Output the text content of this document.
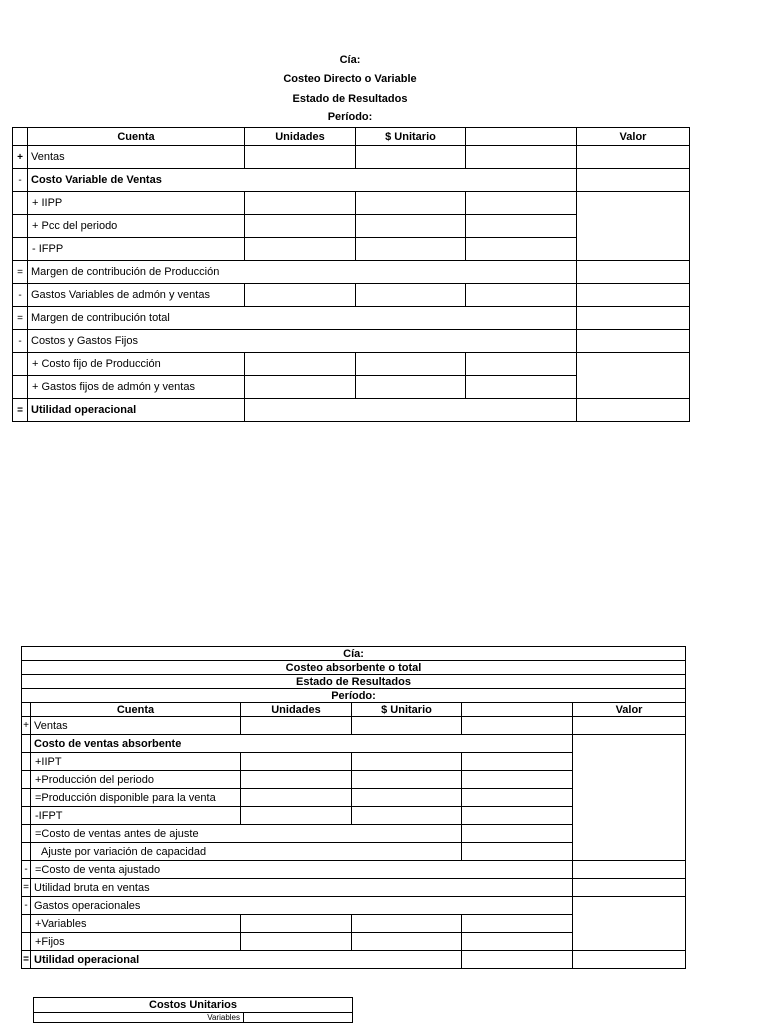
Cía:
Costeo Directo o Variable
Estado de Resultados
Período:
	Cuenta	Unidades	$ Unitario		Valor
+	Ventas				
-	Costo Variable de Ventas				
	+ IIPP				
	+ Pcc del periodo				
	- IFPP				
=	Margen de contribución de Producción				
-	Gastos Variables de admón y ventas				
=	Margen de contribución total				
-	Costos y Gastos Fijos				
	+ Costo fijo de Producción				
	+ Gastos fijos de admón y ventas				
=	Utilidad operacional				
Cía:					
Costeo absorbente o total					
Estado de Resultados					
Período:					
	Cuenta	Unidades	$ Unitario		Valor
+	Ventas				
	Costo de ventas absorbente				
	+IIPT				
	+Producción del periodo				
	=Producción disponible para la venta				
	-IFPT				
	=Costo de ventas antes de ajuste				
	Ajuste por variación de capacidad				
-	=Costo de venta ajustado				
=	Utilidad bruta en ventas				
-	Gastos operacionales				
	+Variables				
	+Fijos				
=	Utilidad operacional				
Costos Unitarios
Variables	
